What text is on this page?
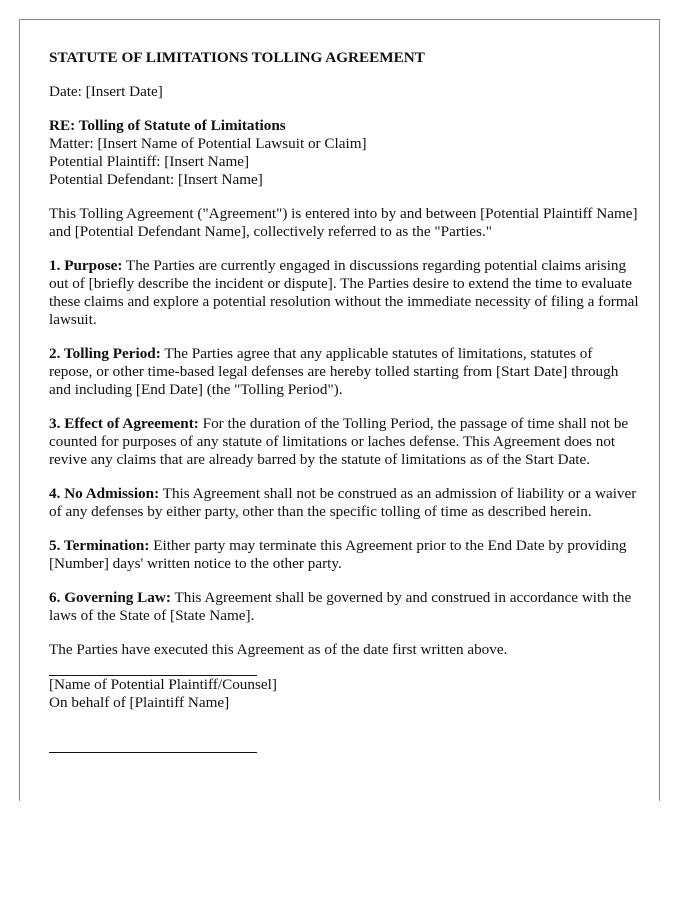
STATUTE OF LIMITATIONS TOLLING AGREEMENT
Date: [Insert Date]
RE: Tolling of Statute of Limitations
Matter: [Insert Name of Potential Lawsuit or Claim]
Potential Plaintiff: [Insert Name]
Potential Defendant: [Insert Name]
This Tolling Agreement ("Agreement") is entered into by and between [Potential Plaintiff Name] and [Potential Defendant Name], collectively referred to as the "Parties."
1. Purpose: The Parties are currently engaged in discussions regarding potential claims arising out of [briefly describe the incident or dispute]. The Parties desire to extend the time to evaluate these claims and explore a potential resolution without the immediate necessity of filing a formal lawsuit.
2. Tolling Period: The Parties agree that any applicable statutes of limitations, statutes of repose, or other time-based legal defenses are hereby tolled starting from [Start Date] through and including [End Date] (the "Tolling Period").
3. Effect of Agreement: For the duration of the Tolling Period, the passage of time shall not be counted for purposes of any statute of limitations or laches defense. This Agreement does not revive any claims that are already barred by the statute of limitations as of the Start Date.
4. No Admission: This Agreement shall not be construed as an admission of liability or a waiver of any defenses by either party, other than the specific tolling of time as described herein.
5. Termination: Either party may terminate this Agreement prior to the End Date by providing [Number] days' written notice to the other party.
6. Governing Law: This Agreement shall be governed by and construed in accordance with the laws of the State of [State Name].
The Parties have executed this Agreement as of the date first written above.
[Name of Potential Plaintiff/Counsel]
On behalf of [Plaintiff Name]
